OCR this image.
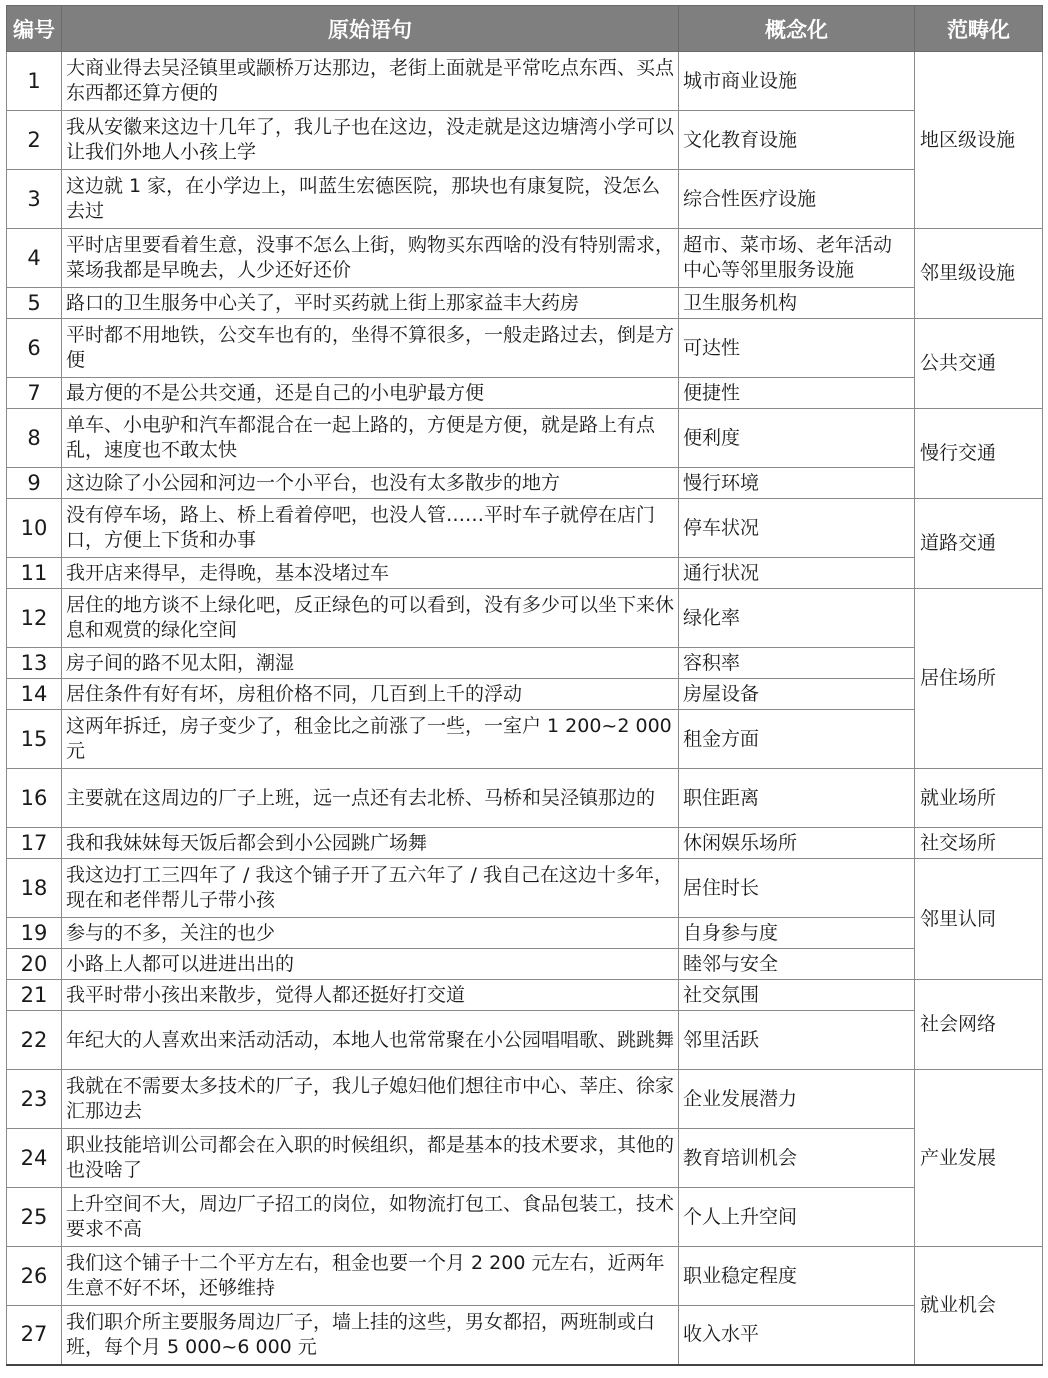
编号	原始语句	概念化	范畴化
1	大商业得去吴泾镇里或颛桥万达那边，老街上面就是平常吃点东西、买点东西都还算方便的	城市商业设施	地区级设施
2	我从安徽来这边十几年了，我儿子也在这边，没走就是这边塘湾小学可以让我们外地人小孩上学	文化教育设施	
3	这边就 1 家，在小学边上，叫蓝生宏德医院，那块也有康复院，没怎么去过	综合性医疗设施	
4	平时店里要看着生意，没事不怎么上街，购物买东西啥的没有特别需求，菜场我都是早晚去，人少还好还价	超市、菜市场、老年活动中心等邻里服务设施	邻里级设施
5	路口的卫生服务中心关了，平时买药就上街上那家益丰大药房	卫生服务机构	
6	平时都不用地铁，公交车也有的，坐得不算很多，一般走路过去，倒是方便	可达性	公共交通
7	最方便的不是公共交通，还是自己的小电驴最方便	便捷性	
8	单车、小电驴和汽车都混合在一起上路的，方便是方便，就是路上有点乱，速度也不敢太快	便利度	慢行交通
9	这边除了小公园和河边一个小平台，也没有太多散步的地方	慢行环境	
10	没有停车场，路上、桥上看着停吧，也没人管……平时车子就停在店门口，方便上下货和办事	停车状况	道路交通
11	我开店来得早，走得晚，基本没堵过车	通行状况	
12	居住的地方谈不上绿化吧，反正绿色的可以看到，没有多少可以坐下来休息和观赏的绿化空间	绿化率	居住场所
13	房子间的路不见太阳，潮湿	容积率	
14	居住条件有好有坏，房租价格不同，几百到上千的浮动	房屋设备	
15	这两年拆迁，房子变少了，租金比之前涨了一些，一室户 1 200~2 000 元	租金方面	
16	主要就在这周边的厂子上班，远一点还有去北桥、马桥和吴泾镇那边的	职住距离	就业场所
17	我和我妹妹每天饭后都会到小公园跳广场舞	休闲娱乐场所	社交场所
18	我这边打工三四年了 / 我这个铺子开了五六年了 / 我自己在这边十多年，现在和老伴帮儿子带小孩	居住时长	邻里认同
19	参与的不多，关注的也少	自身参与度	
20	小路上人都可以进进出出的	睦邻与安全	
21	我平时带小孩出来散步，觉得人都还挺好打交道	社交氛围	社会网络
22	年纪大的人喜欢出来活动活动，本地人也常常聚在小公园唱唱歌、跳跳舞	邻里活跃	
23	我就在不需要太多技术的厂子，我儿子媳妇他们想往市中心、莘庄、徐家汇那边去	企业发展潜力	产业发展
24	职业技能培训公司都会在入职的时候组织，都是基本的技术要求，其他的也没啥了	教育培训机会	
25	上升空间不大，周边厂子招工的岗位，如物流打包工、食品包装工，技术要求不高	个人上升空间	
26	我们这个铺子十二个平方左右，租金也要一个月 2 200 元左右，近两年生意不好不坏，还够维持	职业稳定程度	就业机会
27	我们职介所主要服务周边厂子，墙上挂的这些，男女都招，两班制或白班，每个月 5 000~6 000 元	收入水平	
